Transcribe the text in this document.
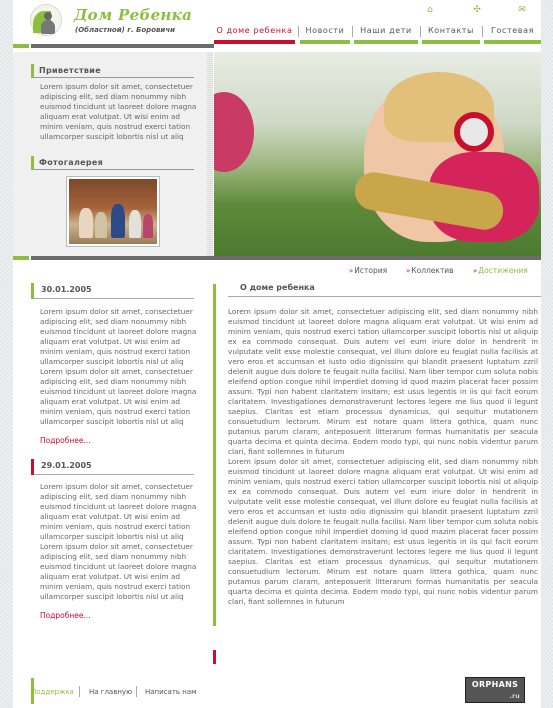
Дом Ребенка
(Областной) г. Боровичи
⌂	✣	✉
О доме ребенка	Новости	Наши дети	Контакты	Гостевая
Приветствие
Lorem ipsum dolor sit amet, consectetuer adipiscing elit, sed diam nonummy nibh euismod tincidunt ut laoreet dolore magna aliquam erat volutpat. Ut wisi enim ad minim veniam, quis nostrud exerci tation ullamcorper suscipit lobortis nisl ut aliq
Фотогалерея
»История	»Коллектив	»Достижения
30.01.2005
Lorem ipsum dolor sit amet, consectetuer adipiscing elit, sed diam nonummy nibh euismod tincidunt ut laoreet dolore magna aliquam erat volutpat. Ut wisi enim ad minim veniam, quis nostrud exerci tation ullamcorper suscipit lobortis nisl ut aliq Lorem ipsum dolor sit amet, consectetuer adipiscing elit, sed diam nonummy nibh euismod tincidunt ut laoreet dolore magna aliquam erat volutpat. Ut wisi enim ad minim veniam, quis nostrud exerci tation ullamcorper suscipit lobortis nisl ut aliq
Подробнее...
29.01.2005
Lorem ipsum dolor sit amet, consectetuer adipiscing elit, sed diam nonummy nibh euismod tincidunt ut laoreet dolore magna aliquam erat volutpat. Ut wisi enim ad minim veniam, quis nostrud exerci tation ullamcorper suscipit lobortis nisl ut aliq Lorem ipsum dolor sit amet, consectetuer adipiscing elit, sed diam nonummy nibh euismod tincidunt ut laoreet dolore magna aliquam erat volutpat. Ut wisi enim ad minim veniam, quis nostrud exerci tation ullamcorper suscipit lobortis nisl ut aliq
Подробнее...
О доме ребенка
Lorem ipsum dolor sit amet, consectetuer adipiscing elit, sed diam nonummy nibh euismod tincidunt ut laoreet dolore magna aliquam erat volutpat. Ut wisi enim ad minim veniam, quis nostrud exerci tation ullamcorper suscipit lobortis nisl ut aliquip ex ea commodo consequat. Duis autem vel eum iriure dolor in hendrerit in vulputate velit esse molestie consequat, vel illum dolore eu feugiat nulla facilisis at vero eros et accumsan et iusto odio dignissim qui blandit praesent luptatum zzril delenit augue duis dolore te feugait nulla facilisi. Nam liber tempor cum soluta nobis eleifend option congue nihil imperdiet doming id quod mazim placerat facer possim assum. Typi non habent claritatem insitam; est usus legentis in iis qui facit eorum claritatem. Investigationes demonstraverunt lectores legere me lius quod ii legunt saepius. Claritas est etiam processus dynamicus, qui sequitur mutationem consuetudium lectorum. Mirum est notare quam littera gothica, quam nunc putamus parum claram, anteposuerit litterarum formas humanitatis per seacula quarta decima et quinta decima. Eodem modo typi, qui nunc nobis videntur parum clari, fiant sollemnes in futurum
Lorem ipsum dolor sit amet, consectetuer adipiscing elit, sed diam nonummy nibh euismod tincidunt ut laoreet dolore magna aliquam erat volutpat. Ut wisi enim ad minim veniam, quis nostrud exerci tation ullamcorper suscipit lobortis nisl ut aliquip ex ea commodo consequat. Duis autem vel eum iriure dolor in hendrerit in vulputate velit esse molestie consequat, vel illum dolore eu feugiat nulla facilisis at vero eros et accumsan et iusto odio dignissim qui blandit praesent luptatum zzril delenit augue duis dolore te feugait nulla facilisi. Nam liber tempor cum soluta nobis eleifend option congue nihil imperdiet doming id quod mazim placerat facer possim assum. Typi non habent claritatem insitam; est usus legentis in iis qui facit eorum claritatem. Investigationes demonstraverunt lectores legere me lius quod ii legunt saepius. Claritas est etiam processus dynamicus, qui sequitur mutationem consuetudium lectorum. Mirum est notare quam littera gothica, quam nunc putamus parum claram, anteposuerit litterarum formas humanitatis per seacula quarta decima et quinta decima. Eodem modo typi, qui nunc nobis videntur parum clari, fiant sollemnes in futurum
Поддержка На главную Написать нам
ORPHANS
.ru
